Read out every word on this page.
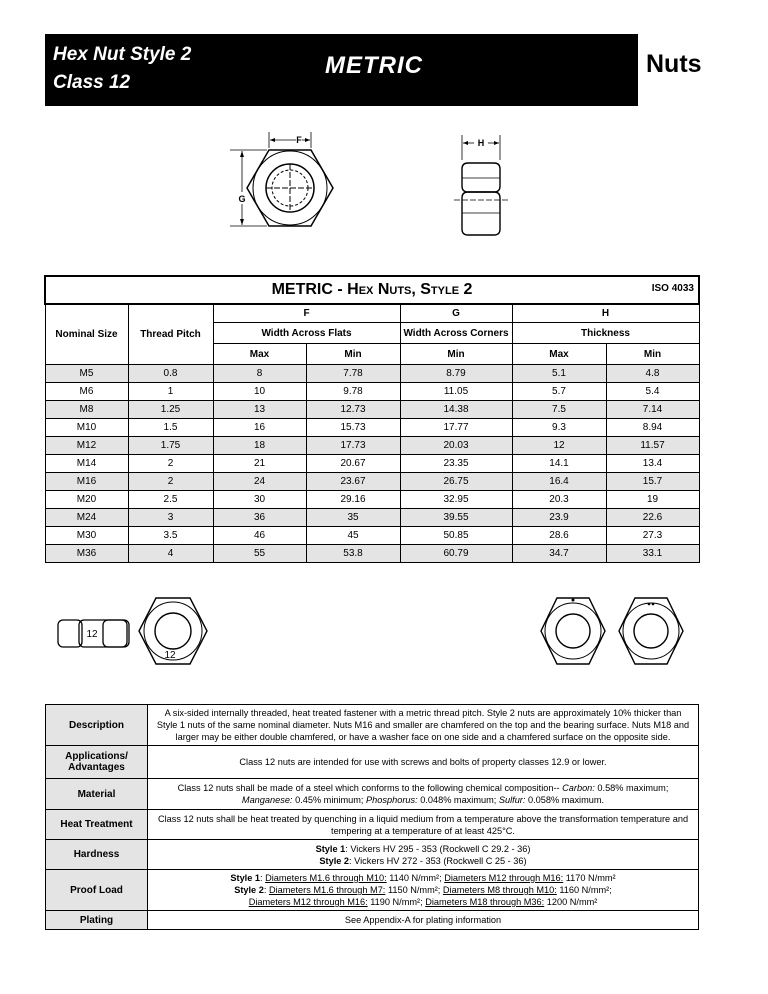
Hex Nut Style 2
Class 12
METRIC	Nuts
F
G
H
METRIC - Hex Nuts, Style 2 ISO 4033						

Nominal Size	Thread Pitch	F		G	H	
		Width Across Flats		Width Across Corners	Thickness	
		Max	Min	Min	Max	Min
M5	0.8	8	7.78	8.79	5.1	4.8
M6	1	10	9.78	11.05	5.7	5.4
M8	1.25	13	12.73	14.38	7.5	7.14
M10	1.5	16	15.73	17.77	9.3	8.94
M12	1.75	18	17.73	20.03	12	11.57
M14	2	21	20.67	23.35	14.1	13.4
M16	2	24	23.67	26.75	16.4	15.7
M20	2.5	30	29.16	32.95	20.3	19
M24	3	36	35	39.55	23.9	22.6
M30	3.5	46	45	50.85	28.6	27.3
M36	4	55	53.8	60.79	34.7	33.1
12
12
Description	A six-sided internally threaded, heat treated fastener with a metric thread pitch. Style 2 nuts are approximately 10% thicker than Style 1 nuts of the same nominal diameter. Nuts M16 and smaller are chamfered on the top and the bearing surface. Nuts M18 and larger may be either double chamfered, or have a washer face on one side and a chamfered surface on the opposite side.
Applications/
Advantages	Class 12 nuts are intended for use with screws and bolts of property classes 12.9 or lower.
Material	Class 12 nuts shall be made of a steel which conforms to the following chemical composition-- Carbon: 0.58% maximum;
Manganese: 0.45% minimum; Phosphorus: 0.048% maximum; Sulfur: 0.058% maximum.
Heat Treatment	Class 12 nuts shall be heat treated by quenching in a liquid medium from a temperature above the transformation temperature and tempering at a temperature of at least 425°C.
Hardness	Style 1: Vickers HV 295 - 353 (Rockwell C 29.2 - 36)
Style 2: Vickers HV 272 - 353 (Rockwell C 25 - 36)
Proof Load	Style 1: Diameters M1.6 through M10: 1140 N/mm²; Diameters M12 through M16: 1170 N/mm²
Style 2: Diameters M1.6 through M7: 1150 N/mm²; Diameters M8 through M10: 1160 N/mm²;
Diameters M12 through M16: 1190 N/mm²; Diameters M18 through M36: 1200 N/mm²
Plating	See Appendix-A for plating information
